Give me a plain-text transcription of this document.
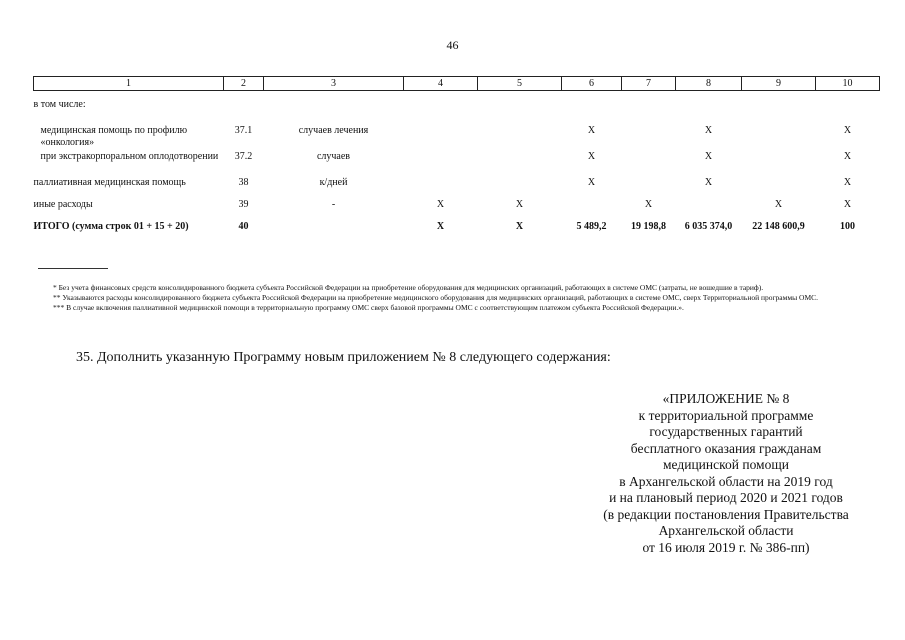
46
1	2	3	4	5	6	7	8	9	10
в том числе:									
медицинская помощь по профилю «онкология»	37.1	случаев лечения			X		X		X
при экстракорпоральном оплодотворении	37.2	случаев			X		X		X
паллиативная медицинская помощь	38	к/дней			X		X		X
иные расходы	39	-	X	X		X		X	X
ИТОГО (сумма строк 01 + 15 + 20)	40		X	X	5 489,2	19 198,8	6 035 374,0	22 148 600,9	100

* Без учета финансовых средств консолидированного бюджета субъекта Российской Федерации на приобретение оборудования для медицинских организаций, работающих в системе ОМС (затраты, не вошедшие в тариф).

** Указываются расходы консолидированного бюджета субъекта Российской Федерации на приобретение медицинского оборудования для медицинских организаций, работающих в системе ОМС, сверх Территориальной программы ОМС.

*** В случае включения паллиативной медицинской помощи в территориальную программу ОМС сверх базовой программы ОМС с соответствующим платежом субъекта Российской Федерации.».

35. Дополнить указанную Программу новым приложением № 8 следующего содержания:
«ПРИЛОЖЕНИЕ № 8
к территориальной программе
государственных гарантий
бесплатного оказания гражданам
медицинской помощи
в Архангельской области на 2019 год
и на плановый период 2020 и 2021 годов
(в редакции постановления Правительства
Архангельской области
от 16 июля 2019 г. № 386-пп)
